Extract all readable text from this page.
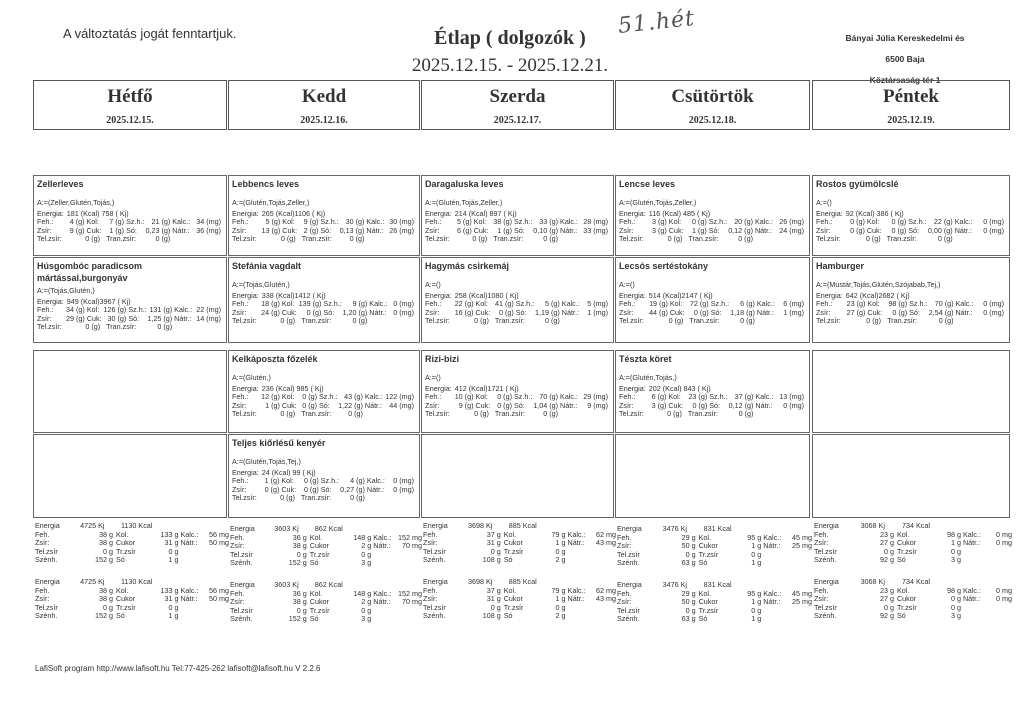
A változtatás jogát fenntartjuk.	Étlap ( dolgozók )
2025.12.15. - 2025.12.21.
51.hét	Bányai Júlia Kereskedelmi és
6500 Baja
Köztársaság tér 1
Hétfő
2025.12.15.
Kedd
2025.12.16.
Szerda
2025.12.17.
Csütörtök
2025.12.18.
Péntek
2025.12.19.
Zellerleves
A:=(Zeller,Glutén,Tojás,)
Energia:	181 (Kcal) 758 ( Kj)						
Feh.:	4 (g)	Kol:	7 (g)	Sz.h.:	21 (g)	Kalc.:	34 (mg)
Zsír:	9 (g)	Cuk:	1 (g)	Só:	0,23 (g)	Nátr.:	36 (mg)
Tel.zsír:	0 (g)		Tran.zsír:		0 (g)		
Lebbencs leves
A:=(Glutén,Tojás,Zeller,)
Energia:	265 (Kcal)1106 ( Kj)						
Feh.:	5 (g)	Kol:	9 (g)	Sz.h.:	30 (g)	Kalc.:	30 (mg)
Zsír:	13 (g)	Cuk:	2 (g)	Só:	0,13 (g)	Nátr.:	26 (mg)
Tel.zsír:	0 (g)		Tran.zsír:		0 (g)		
Daragaluska leves
A:=(Glutén,Tojás,Zeller,)
Energia:	214 (Kcal) 897 ( Kj)						
Feh.:	5 (g)	Kol:	38 (g)	Sz.h.:	33 (g)	Kalc.:	28 (mg)
Zsír:	6 (g)	Cuk:	1 (g)	Só:	0,10 (g)	Nátr.:	33 (mg)
Tel.zsír:	0 (g)		Tran.zsír:		0 (g)		
Lencse leves
A:=(Glutén,Tojás,Zeller,)
Energia:	116 (Kcal) 485 ( Kj)						
Feh.:	3 (g)	Kol:	0 (g)	Sz.h.:	20 (g)	Kalc.:	26 (mg)
Zsír:	3 (g)	Cuk:	1 (g)	Só:	0,12 (g)	Nátr.:	24 (mg)
Tel.zsír:	0 (g)		Tran.zsír:		0 (g)		
Rostos gyümölcslé
A:=()
Energia:	92 (Kcal) 386 ( Kj)						
Feh.:	0 (g)	Kol:	0 (g)	Sz.h.:	22 (g)	Kalc.:	0 (mg)
Zsír:	0 (g)	Cuk:	0 (g)	Só:	0,00 (g)	Nátr.:	0 (mg)
Tel.zsír:	0 (g)		Tran.zsír:		0 (g)		
Húsgombóc paradicsom mártással,burgonyáv
A:=(Tojás,Glutén,)
Energia:	949 (Kcal)3967 ( Kj)						
Feh.:	34 (g)	Kol:	126 (g)	Sz.h.:	131 (g)	Kalc.:	22 (mg)
Zsír:	29 (g)	Cuk:	30 (g)	Só:	1,25 (g)	Nátr.:	14 (mg)
Tel.zsír:	0 (g)		Tran.zsír:		0 (g)		
Stefánia vagdalt
A:=(Tojás,Glutén,)
Energia:	338 (Kcal)1412 ( Kj)						
Feh.:	18 (g)	Kol:	139 (g)	Sz.h.:	9 (g)	Kalc.:	0 (mg)
Zsír:	24 (g)	Cuk:	0 (g)	Só:	1,20 (g)	Nátr.:	0 (mg)
Tel.zsír:	0 (g)		Tran.zsír:		0 (g)		
Hagymás csirkemáj
A:=()
Energia:	258 (Kcal)1080 ( Kj)						
Feh.:	22 (g)	Kol:	41 (g)	Sz.h.:	5 (g)	Kalc.:	5 (mg)
Zsír:	16 (g)	Cuk:	0 (g)	Só:	1,19 (g)	Nátr.:	1 (mg)
Tel.zsír:	0 (g)		Tran.zsír:		0 (g)		
Lecsós sertéstokány
A:=()
Energia:	514 (Kcal)2147 ( Kj)						
Feh.:	19 (g)	Kol:	72 (g)	Sz.h.:	6 (g)	Kalc.:	6 (mg)
Zsír:	44 (g)	Cuk:	0 (g)	Só:	1,18 (g)	Nátr.:	1 (mg)
Tel.zsír:	0 (g)		Tran.zsír:		0 (g)		
Hamburger
A:=(Mustár,Tojás,Glutén,Szójabab,Tej,)
Energia:	642 (Kcal)2682 ( Kj)						
Feh.:	23 (g)	Kol:	98 (g)	Sz.h.:	70 (g)	Kalc.:	0 (mg)
Zsír:	27 (g)	Cuk:	0 (g)	Só:	2,54 (g)	Nátr.:	0 (mg)
Tel.zsír:	0 (g)		Tran.zsír:		0 (g)		
Kelkáposzta főzelék
A:=(Glutén,)
Energia:	236 (Kcal) 985 ( Kj)						
Feh.:	12 (g)	Kol:	0 (g)	Sz.h.:	43 (g)	Kalc.:	122 (mg)
Zsír:	1 (g)	Cuk:	0 (g)	Só:	1,22 (g)	Nátr.:	44 (mg)
Tel.zsír:	0 (g)		Tran.zsír:		0 (g)		
Rizi-bizi
A:=()
Energia:	412 (Kcal)1721 ( Kj)						
Feh.:	10 (g)	Kol:	0 (g)	Sz.h.:	70 (g)	Kalc.:	29 (mg)
Zsír:	9 (g)	Cuk:	0 (g)	Só:	1,04 (g)	Nátr.:	9 (mg)
Tel.zsír:	0 (g)		Tran.zsír:		0 (g)		
Tészta köret
A:=(Glutén,Tojás,)
Energia:	202 (Kcal) 843 ( Kj)						
Feh.:	6 (g)	Kol:	23 (g)	Sz.h.:	37 (g)	Kalc.:	13 (mg)
Zsír:	3 (g)	Cuk:	0 (g)	Só:	0,12 (g)	Nátr.:	0 (mg)
Tel.zsír:	0 (g)		Tran.zsír:		0 (g)		
Teljes kiőrlésű kenyér
A:=(Glutén,Tojás,Tej,)
Energia:	24 (Kcal) 99 ( Kj)						
Feh.:	1 (g)	Kol:	0 (g)	Sz.h.:	4 (g)	Kalc.:	0 (mg)
Zsír:	0 (g)	Cuk:	0 (g)	Só:	0,27 (g)	Nátr.:	0 (mg)
Tel.zsír:	0 (g)		Tran.zsír:		0 (g)		
Energia	4725 Kj	1130 Kcal			
Feh.	38 g	Kol.	133 g	Kalc.:	56 mg
Zsír:	38 g	Cukor	31 g	Nátr.:	50 mg
Tel.zsír	0 g	Tr.zsír	0 g		
Szénh.	152 g	Só	1 g		
Energia	3603 Kj	862 Kcal			
Feh.	36 g	Kol.	148 g	Kalc.:	152 mg
Zsír:	38 g	Cukor	2 g	Nátr.:	70 mg
Tel.zsír	0 g	Tr.zsír	0 g		
Szénh.	152 g	Só	3 g		
Energia	3698 Kj	885 Kcal			
Feh.	37 g	Kol.	79 g	Kalc.:	62 mg
Zsír:	31 g	Cukor	1 g	Nátr.:	43 mg
Tel.zsír	0 g	Tr.zsír	0 g		
Szénh.	108 g	Só	2 g		
Energia	3476 Kj	831 Kcal			
Feh.	29 g	Kol.	95 g	Kalc.:	45 mg
Zsír:	50 g	Cukor	1 g	Nátr.:	25 mg
Tel.zsír	0 g	Tr.zsír	0 g		
Szénh.	63 g	Só	1 g		
Energia	3068 Kj	734 Kcal			
Feh.	23 g	Kol.	98 g	Kalc.:	0 mg
Zsír:	27 g	Cukor	1 g	Nátr.:	0 mg
Tel.zsír	0 g	Tr.zsír	0 g		
Szénh.	92 g	Só	3 g		
Energia	4725 Kj	1130 Kcal			
Feh.	38 g	Kol.	133 g	Kalc.:	56 mg
Zsír:	38 g	Cukor	31 g	Nátr.:	50 mg
Tel.zsír	0 g	Tr.zsír	0 g		
Szénh.	152 g	Só	1 g		
Energia	3603 Kj	862 Kcal			
Feh.	36 g	Kol.	148 g	Kalc.:	152 mg
Zsír:	38 g	Cukor	2 g	Nátr.:	70 mg
Tel.zsír	0 g	Tr.zsír	0 g		
Szénh.	152 g	Só	3 g		
Energia	3698 Kj	885 Kcal			
Feh.	37 g	Kol.	79 g	Kalc.:	62 mg
Zsír:	31 g	Cukor	1 g	Nátr.:	43 mg
Tel.zsír	0 g	Tr.zsír	0 g		
Szénh.	108 g	Só	2 g		
Energia	3476 Kj	831 Kcal			
Feh.	29 g	Kol.	95 g	Kalc.:	45 mg
Zsír:	50 g	Cukor	1 g	Nátr.:	25 mg
Tel.zsír	0 g	Tr.zsír	0 g		
Szénh.	63 g	Só	1 g		
Energia	3068 Kj	734 Kcal			
Feh.	23 g	Kol.	98 g	Kalc.:	0 mg
Zsír:	27 g	Cukor	0 g	Nátr.:	0 mg
Tel.zsír	0 g	Tr.zsír	0 g		
Szénh.	92 g	Só	3 g		
LafiSoft program http://www.lafisoft.hu Tel:77-425-262 lafisoft@lafisoft.hu V 2.2.6
